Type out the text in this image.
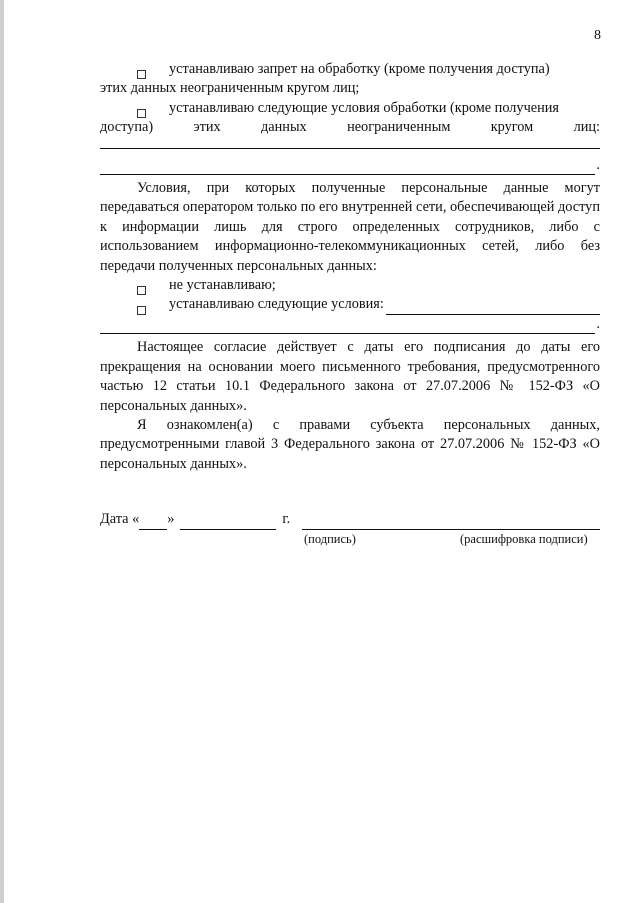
8
устанавливаю запрет на обработку (кроме получения доступа)
этих данных неограниченным кругом лиц;
устанавливаю следующие условия обработки (кроме получения
доступа)        этих        данных        неограниченным        кругом        лиц:
.
Условия, при которых полученные персональные данные могут передаваться оператором только по его внутренней сети, обеспечивающей доступ к информации лишь для строго определенных сотрудников, либо с использованием информационно-телекоммуникационных сетей, либо без передачи полученных персональных данных:
не устанавливаю;
устанавливаю следующие условия:
.
Настоящее согласие действует с даты его подписания до даты его прекращения на основании моего письменного требования, предусмотренного частью 12 статьи 10.1 Федерального закона от 27.07.2006 № 152-ФЗ «О персональных данных».
Я ознакомлен(а) с правами субъекта персональных данных, предусмотренными главой 3 Федерального закона от 27.07.2006 № 152-ФЗ «О персональных данных».
Дата « »	г.
(подпись)	(расшифровка подписи)
